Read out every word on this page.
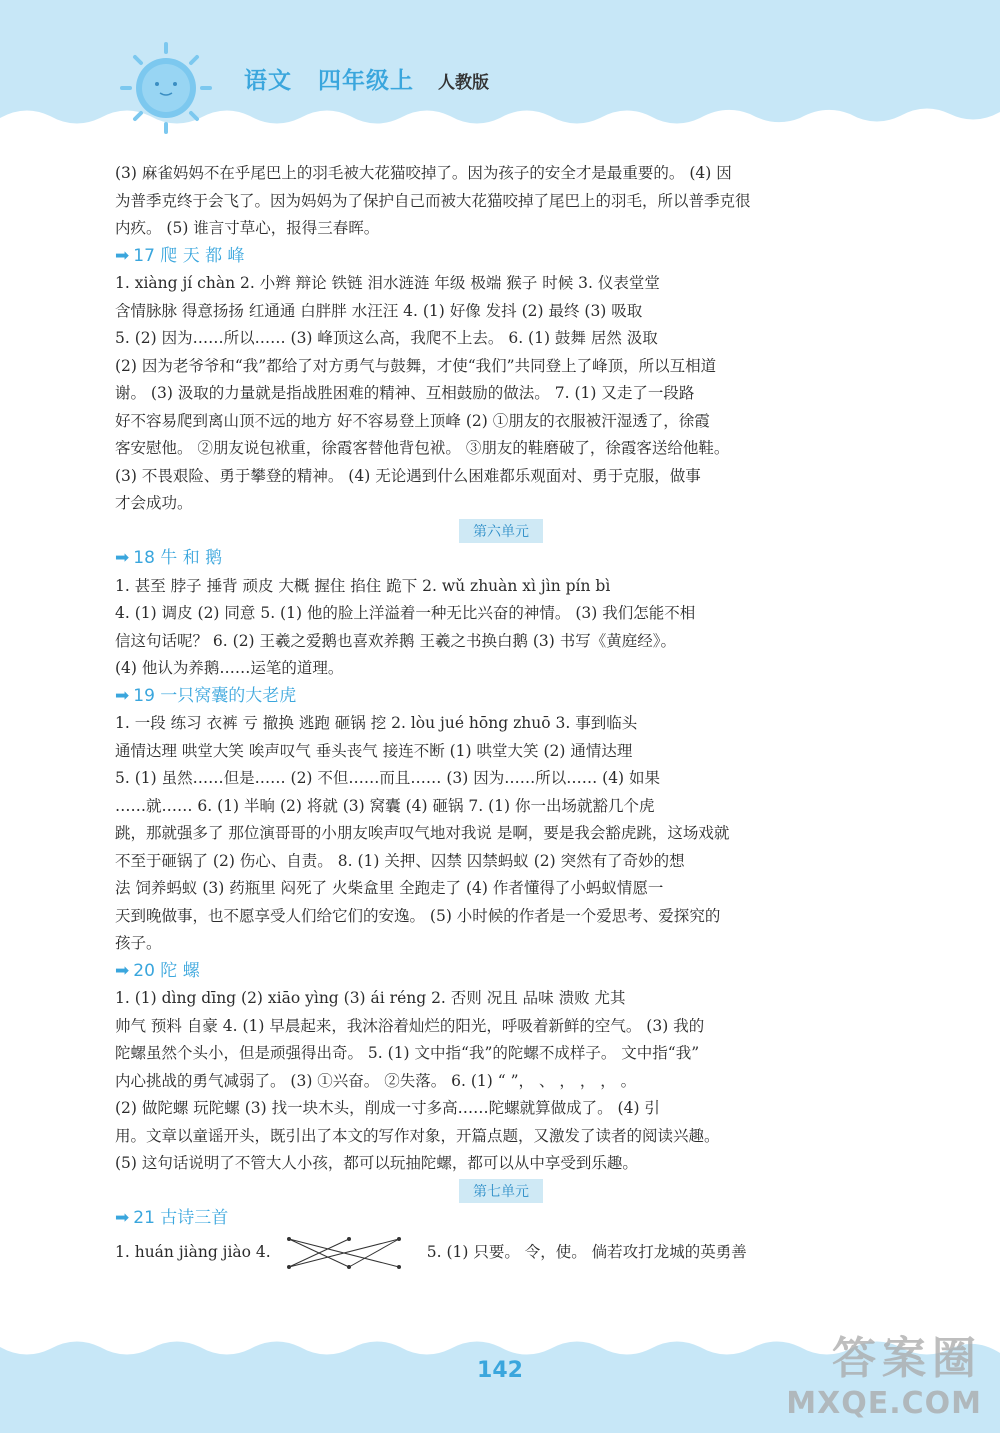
语文 四年级上 人教版
(3) 麻雀妈妈不在乎尾巴上的羽毛被大花猫咬掉了。因为孩子的安全才是最重要的。 (4) 因
为普季克终于会飞了。因为妈妈为了保护自己而被大花猫咬掉了尾巴上的羽毛，所以普季克很
内疚。 (5) 谁言寸草心，报得三春晖。
➡ 17 爬 天 都 峰
1. xiàng jí chàn 2. 小辫 辩论 铁链 泪水涟涟 年级 极端 猴子 时候 3. 仪表堂堂
含情脉脉 得意扬扬 红通通 白胖胖 水汪汪 4. (1) 好像 发抖 (2) 最终 (3) 吸取
5. (2) 因为……所以…… (3) 峰顶这么高，我爬不上去。 6. (1) 鼓舞 居然 汲取
(2) 因为老爷爷和“我”都给了对方勇气与鼓舞，才使“我们”共同登上了峰顶，所以互相道
谢。 (3) 汲取的力量就是指战胜困难的精神、互相鼓励的做法。 7. (1) 又走了一段路
好不容易爬到离山顶不远的地方 好不容易登上顶峰 (2) ①朋友的衣服被汗湿透了，徐霞
客安慰他。 ②朋友说包袱重，徐霞客替他背包袱。 ③朋友的鞋磨破了，徐霞客送给他鞋。
(3) 不畏艰险、勇于攀登的精神。 (4) 无论遇到什么困难都乐观面对、勇于克服，做事
才会成功。
第六单元
➡ 18 牛 和 鹅
1. 甚至 脖子 捶背 顽皮 大概 握住 掐住 跪下 2. wǔ zhuàn xì jìn pín bì
4. (1) 调皮 (2) 同意 5. (1) 他的脸上洋溢着一种无比兴奋的神情。 (3) 我们怎能不相
信这句话呢？ 6. (2) 王羲之爱鹅也喜欢养鹅 王羲之书换白鹅 (3) 书写《黄庭经》。
(4) 他认为养鹅……运笔的道理。
➡ 19 一只窝囊的大老虎
1. 一段 练习 衣裤 亏 撤换 逃跑 砸锅 挖 2. lòu jué hōng zhuō 3. 事到临头
通情达理 哄堂大笑 唉声叹气 垂头丧气 接连不断 (1) 哄堂大笑 (2) 通情达理
5. (1) 虽然……但是…… (2) 不但……而且…… (3) 因为……所以…… (4) 如果
……就…… 6. (1) 半晌 (2) 将就 (3) 窝囊 (4) 砸锅 7. (1) 你一出场就豁几个虎
跳，那就强多了 那位演哥哥的小朋友唉声叹气地对我说 是啊，要是我会豁虎跳，这场戏就
不至于砸锅了 (2) 伤心、自责。 8. (1) 关押、囚禁 囚禁蚂蚁 (2) 突然有了奇妙的想
法 饲养蚂蚁 (3) 药瓶里 闷死了 火柴盒里 全跑走了 (4) 作者懂得了小蚂蚁情愿一
天到晚做事，也不愿享受人们给它们的安逸。 (5) 小时候的作者是一个爱思考、爱探究的
孩子。
➡ 20 陀 螺
1. (1) dìng dīng (2) xiāo yìng (3) ái réng 2. 否则 况且 品味 溃败 尤其
帅气 预料 自豪 4. (1) 早晨起来，我沐浴着灿烂的阳光，呼吸着新鲜的空气。 (3) 我的
陀螺虽然个头小，但是顽强得出奇。 5. (1) 文中指“我”的陀螺不成样子。 文中指“我”
内心挑战的勇气减弱了。 (3) ①兴奋。 ②失落。 6. (1) “ ”， 、 ， ， ， 。
(2) 做陀螺 玩陀螺 (3) 找一块木头，削成一寸多高……陀螺就算做成了。 (4) 引
用。文章以童谣开头，既引出了本文的写作对象，开篇点题，又激发了读者的阅读兴趣。
(5) 这句话说明了不管大人小孩，都可以玩抽陀螺，都可以从中享受到乐趣。
第七单元
➡ 21 古诗三首
1. huán jiàng jiào 4.	5. (1) 只要。 令，使。 倘若攻打龙城的英勇善
142	答案圈
MXQE.COM
